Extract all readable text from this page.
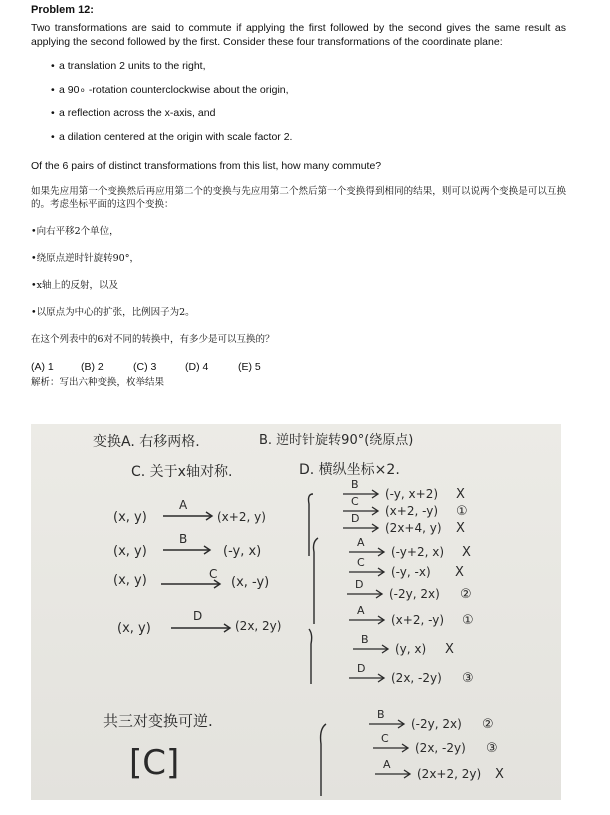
Problem 12:

Two transformations are said to commute if applying the first followed by the second gives the same result as applying the second followed by the first. Consider these four transformations of the coordinate plane:

• a translation 2 units to the right,
• a 90∘ -rotation counterclockwise about the origin,
• a reflection across the x-axis, and
• a dilation centered at the origin with scale factor 2.

Of the 6 pairs of distinct transformations from this list, how many commute?

如果先应用第一个变换然后再应用第二个的变换与先应用第二个然后第一个变换得到相同的结果，则可以说两个变换是可以互换的。考虑坐标平面的这四个变换：

•向右平移2个单位，

•绕原点逆时针旋转90°，

•x轴上的反射，以及

•以原点为中心的扩张，比例因子为2。

在这个列表中的6对不同的转换中，有多少是可以互换的？

(A) 1	(B) 2	(C) 3	(D) 4	(E) 5

解析：写出六种变换，枚举结果

变换A. 右移两格.	B. 逆时针旋转90°(绕原点)
C. 关于x轴对称.	D. 横纵坐标×2.
(x, y)
A
(x+2, y)
(x, y)
B
(-y, x)
(x, y)	C
(x, -y)
(x, y)
D
(2x, 2y)
B
(-y, x+2) X
C
(x+2, -y) ①
D
(2x+4, y) X
A
(-y+2, x) X
C
(-y, -x) X
D
(-2y, 2x) ②
A
(x+2, -y) ①
B
(y, x) X
D
(2x, -2y) ③
B
(-2y, 2x) ②
C
(2x, -2y) ③
A
(2x+2, 2y) X
共三对变换可逆.
[C]
